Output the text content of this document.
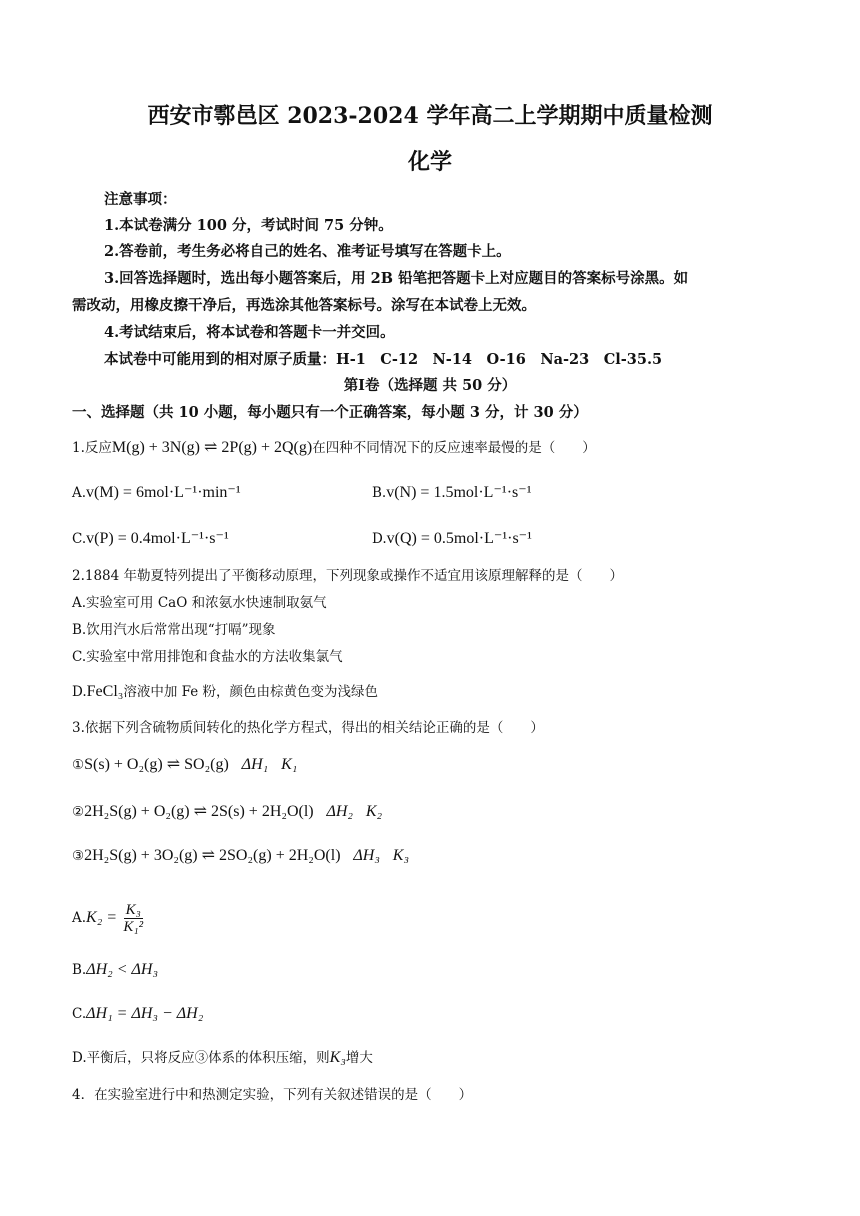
西安市鄠邑区 2023-2024 学年高二上学期期中质量检测
化学
注意事项：
1.本试卷满分 100 分，考试时间 75 分钟。
2.答卷前，考生务必将自己的姓名、准考证号填写在答题卡上。
3.回答选择题时，选出每小题答案后，用 2B 铅笔把答题卡上对应题目的答案标号涂黑。如
需改动，用橡皮擦干净后，再选涂其他答案标号。涂写在本试卷上无效。
4.考试结束后，将本试卷和答题卡一并交回。
本试卷中可能用到的相对原子质量：H-1　C-12　N-14　O-16　Na-23　Cl-35.5
第Ⅰ卷（选择题 共 50 分）
一、选择题（共 10 小题，每小题只有一个正确答案，每小题 3 分，计 30 分）
1.反应M(g) + 3N(g) ⇌ 2P(g) + 2Q(g)在四种不同情况下的反应速率最慢的是（　　）
A.v(M) = 6mol·L⁻¹·min⁻¹	B.v(N) = 1.5mol·L⁻¹·s⁻¹
C.v(P) = 0.4mol·L⁻¹·s⁻¹	D.v(Q) = 0.5mol·L⁻¹·s⁻¹
2.1884 年勒夏特列提出了平衡移动原理，下列现象或操作不适宜用该原理解释的是（　　）
A.实验室可用 CaO 和浓氨水快速制取氨气
B.饮用汽水后常常出现“打嗝”现象
C.实验室中常用排饱和食盐水的方法收集氯气
D.FeCl₃溶液中加 Fe 粉，颜色由棕黄色变为浅绿色
3.依据下列含硫物质间转化的热化学方程式，得出的相关结论正确的是（　　）
①S(s) + O₂(g) ⇌ SO₂(g) ΔH₁ K₁
②2H₂S(g) + O₂(g) ⇌ 2S(s) + 2H₂O(l) ΔH₂ K₂
③2H₂S(g) + 3O₂(g) ⇌ 2SO₂(g) + 2H₂O(l) ΔH₃ K₃
$A.K_2 = \frac{\text{K₃}}{\text{K₁²}}$
B.ΔH₂ < ΔH₃
C.ΔH₁ = ΔH₃ − ΔH₂
D.平衡后，只将反应③体系的体积压缩，则K₃增大
4．在实验室进行中和热测定实验，下列有关叙述错误的是（　　）
